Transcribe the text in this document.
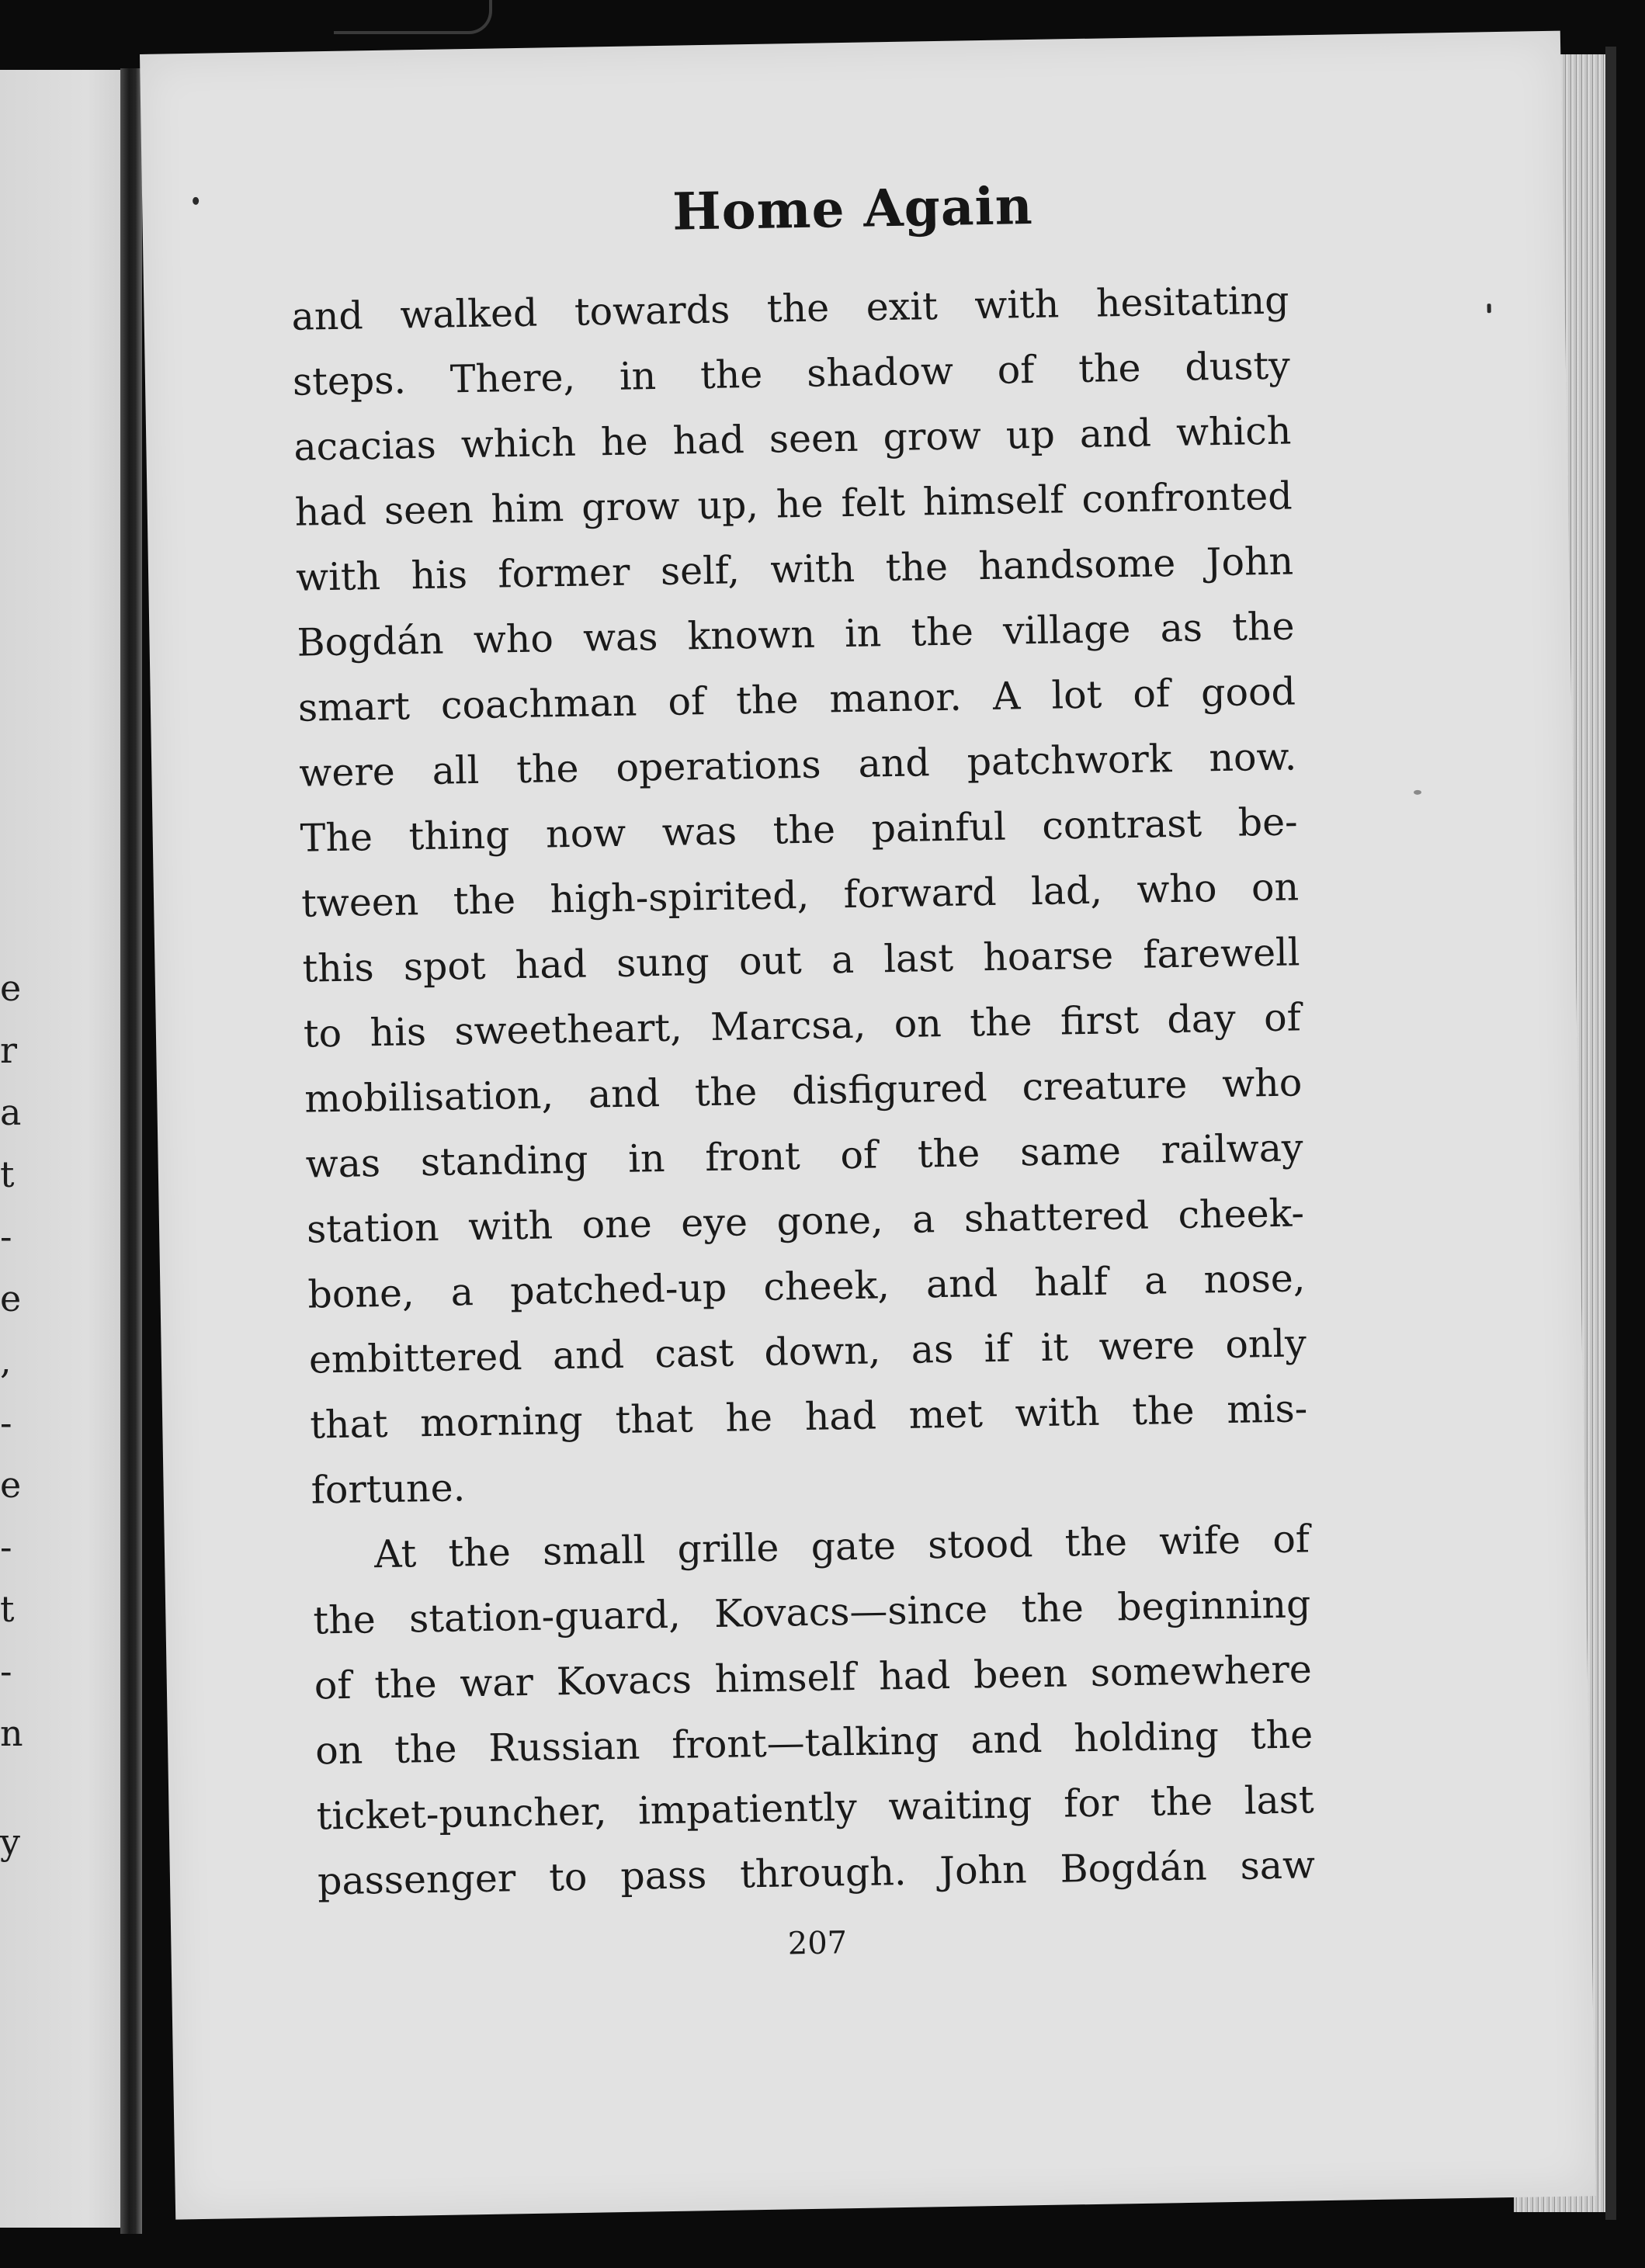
e
r
a
t
-
e
,
-
e
-
t
-
n
y
Home Again
and walked towards the exit with hesitating
steps. There, in the shadow of the dusty
acacias which he had seen grow up and which
had seen him grow up, he felt himself confronted
with his former self, with the handsome John
Bogdán who was known in the village as the
smart coachman of the manor. A lot of good
were all the operations and patchwork now.
The thing now was the painful contrast be-
tween the high-spirited, forward lad, who on
this spot had sung out a last hoarse farewell
to his sweetheart, Marcsa, on the first day of
mobilisation, and the disfigured creature who
was standing in front of the same railway
station with one eye gone, a shattered cheek-
bone, a patched-up cheek, and half a nose,
embittered and cast down, as if it were only
that morning that he had met with the mis-
fortune.
At the small grille gate stood the wife of
the station-guard, Kovacs—since the beginning
of the war Kovacs himself had been somewhere
on the Russian front—talking and holding the
ticket-puncher, impatiently waiting for the last
passenger to pass through. John Bogdán saw
207
